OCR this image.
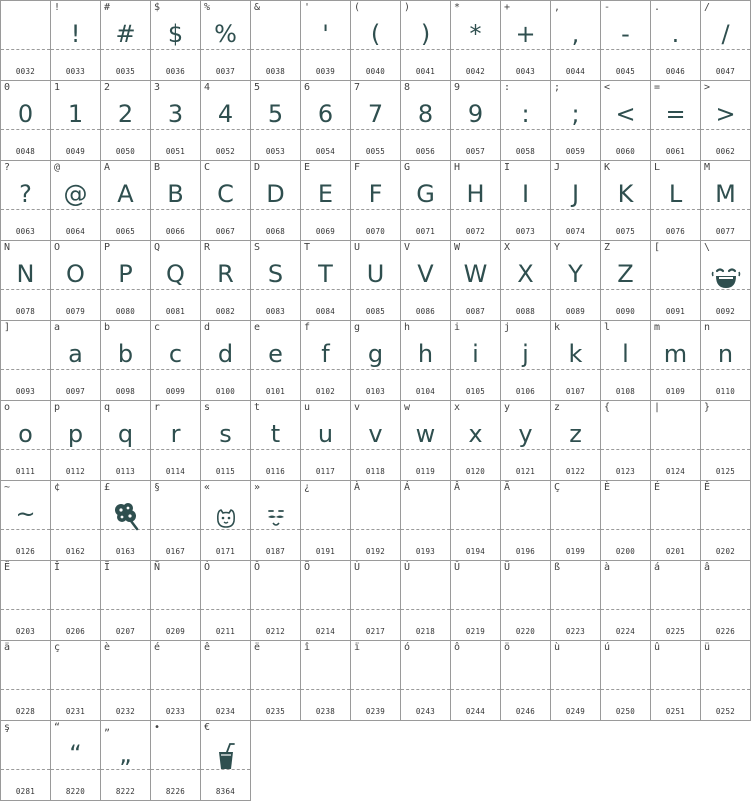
0032
!
!
0033
#
#
0035
$
$
0036
%
%
0037
&
0038
'
'
0039
(
(
0040
)
)
0041
*
*
0042
+
+
0043
,
,
0044
-
-
0045
.
.
0046
/
/
0047
0
0
0048
1
1
0049
2
2
0050
3
3
0051
4
4
0052
5
5
0053
6
6
0054
7
7
0055
8
8
0056
9
9
0057
:
:
0058
;
;
0059
<
<
0060
=
=
0061
>
>
0062
?
?
0063
@
@
0064
A
A
0065
B
B
0066
C
C
0067
D
D
0068
E
E
0069
F
F
0070
G
G
0071
H
H
0072
I
I
0073
J
J
0074
K
K
0075
L
L
0076
M
M
0077
N
N
0078
O
O
0079
P
P
0080
Q
Q
0081
R
R
0082
S
S
0083
T
T
0084
U
U
0085
V
V
0086
W
W
0087
X
X
0088
Y
Y
0089
Z
Z
0090
[
0091
\
0092
]
0093
a
a
0097
b
b
0098
c
c
0099
d
d
0100
e
e
0101
f
f
0102
g
g
0103
h
h
0104
i
i
0105
j
j
0106
k
k
0107
l
l
0108
m
m
0109
n
n
0110
o
o
0111
p
p
0112
q
q
0113
r
r
0114
s
s
0115
t
t
0116
u
u
0117
v
v
0118
w
w
0119
x
x
0120
y
y
0121
z
z
0122
{
0123
|
0124
}
0125
~
~
0126
¢
0162
£
0163
§
0167
«
0171
»
0187
¿
0191
À
0192
Á
0193
Â
0194
Ä
0196
Ç
0199
È
0200
É
0201
Ê
0202
Ë
0203
Î
0206
Ï
0207
Ñ
0209
Ó
0211
Ô
0212
Ö
0214
Ù
0217
Ú
0218
Û
0219
Ü
0220
ß
0223
à
0224
á
0225
â
0226
ä
0228
ç
0231
è
0232
é
0233
ê
0234
ë
0235
î
0238
ï
0239
ó
0243
ô
0244
ö
0246
ù
0249
ú
0250
û
0251
ü
0252
ş
0281
“
“
8220
„
„
8222
•
8226
€
8364
